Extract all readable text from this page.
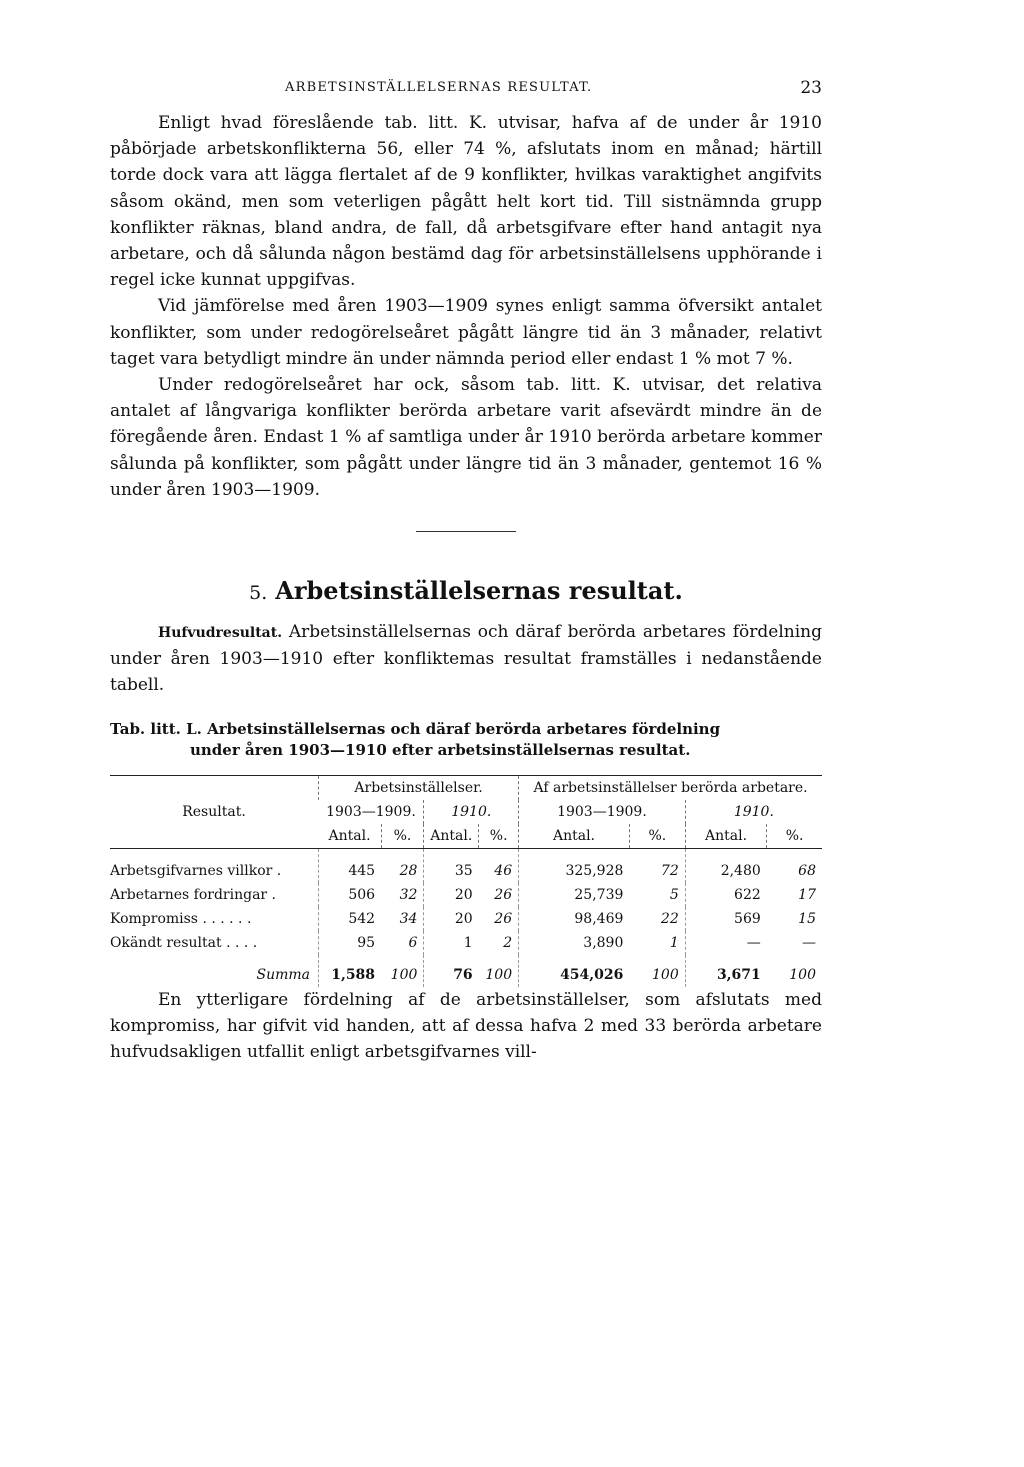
ARBETSINSTÄLLELSERNAS RESULTAT.	23

Enligt hvad föreslående tab. litt. K. utvisar, hafva af de under år 1910 påbörjade arbetskonflikterna 56, eller 74 %, afslutats inom en månad; härtill torde dock vara att lägga flertalet af de 9 konflikter, hvilkas varaktighet angifvits såsom okänd, men som veterligen pågått helt kort tid. Till sistnämnda grupp konflikter räknas, bland andra, de fall, då arbetsgifvare efter hand antagit nya arbetare, och då sålunda någon bestämd dag för arbetsinställelsens upphörande i regel icke kunnat uppgifvas.

Vid jämförelse med åren 1903—1909 synes enligt samma öfversikt antalet konflikter, som under redogörelseåret pågått längre tid än 3 månader, relativt taget vara betydligt mindre än under nämnda period eller endast 1 % mot 7 %.

Under redogörelseåret har ock, såsom tab. litt. K. utvisar, det relativa antalet af långvariga konflikter berörda arbetare varit afsevärdt mindre än de föregående åren. Endast 1 % af samtliga under år 1910 berörda arbetare kommer sålunda på konflikter, som pågått under längre tid än 3 månader, gentemot 16 % under åren 1903—1909.

5. Arbetsinställelsernas resultat.

Hufvudresultat. Arbetsinställelsernas och däraf berörda arbetares fördelning under åren 1903—1910 efter konfliktemas resultat framställes i nedanstående tabell.

Tab. litt. L. Arbetsinställelsernas och däraf berörda arbetares fördelning
under åren 1903—1910 efter arbetsinställelsernas resultat.
Resultat.	Arbetsinställelser.				Af arbetsinställelser berörda arbetare.			
	1903—1909.		1910.		1903—1909.		1910.	
	Antal.	%.	Antal.	%.	Antal.	%.	Antal.	%.
Arbetsgifvarnes villkor .	445	28	35	46	325,928	72	2,480	68
Arbetarnes fordringar .	506	32	20	26	25,739	5	622	17
Kompromiss . . . . . .	542	34	20	26	98,469	22	569	15
Okändt resultat . . . .	95	6	1	2	3,890	1	—	—
Summa	1,588	100	76	100	454,026	100	3,671	100

En ytterligare fördelning af de arbetsinställelser, som afslutats med kompromiss, har gifvit vid handen, att af dessa hafva 2 med 33 berörda arbetare hufvudsakligen utfallit enligt arbetsgifvarnes vill-
